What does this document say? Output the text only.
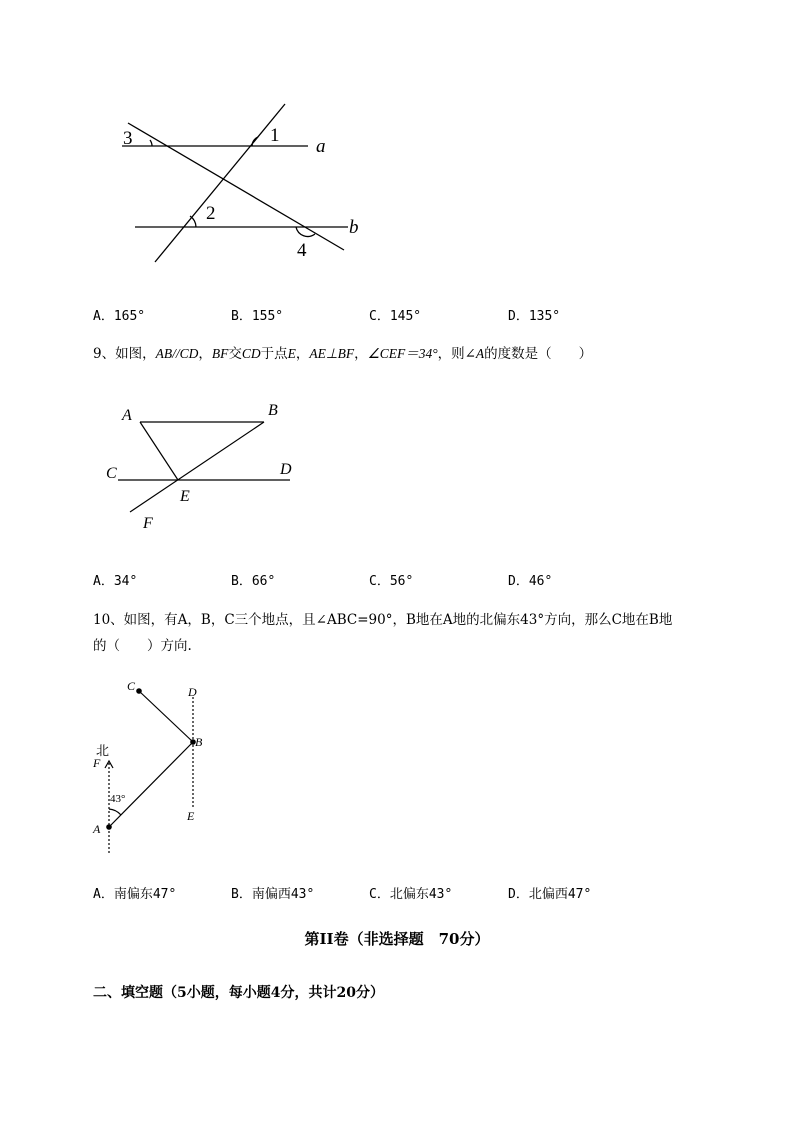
3	1
a
2
b
4
A．165°	B．155°	C．145°	D．135°
9、如图，AB//CD，BF交CD于点E，AE⊥BF，∠CEF＝34°，则∠A的度数是（　　）
A	B
C	D
E
F
A．34°	B．66°	C．56°	D．46°
10、如图，有A，B，C三个地点，且∠ABC=90°，B地在A地的北偏东43°方向，那么C地在B地
的（　　）方向.
C	D
B
北
F
43°
A
E
A．南偏东47°	B．南偏西43°	C．北偏东43°	D．北偏西47°
第II卷（非选择题　70分）
二、填空题（5小题，每小题4分，共计20分）
